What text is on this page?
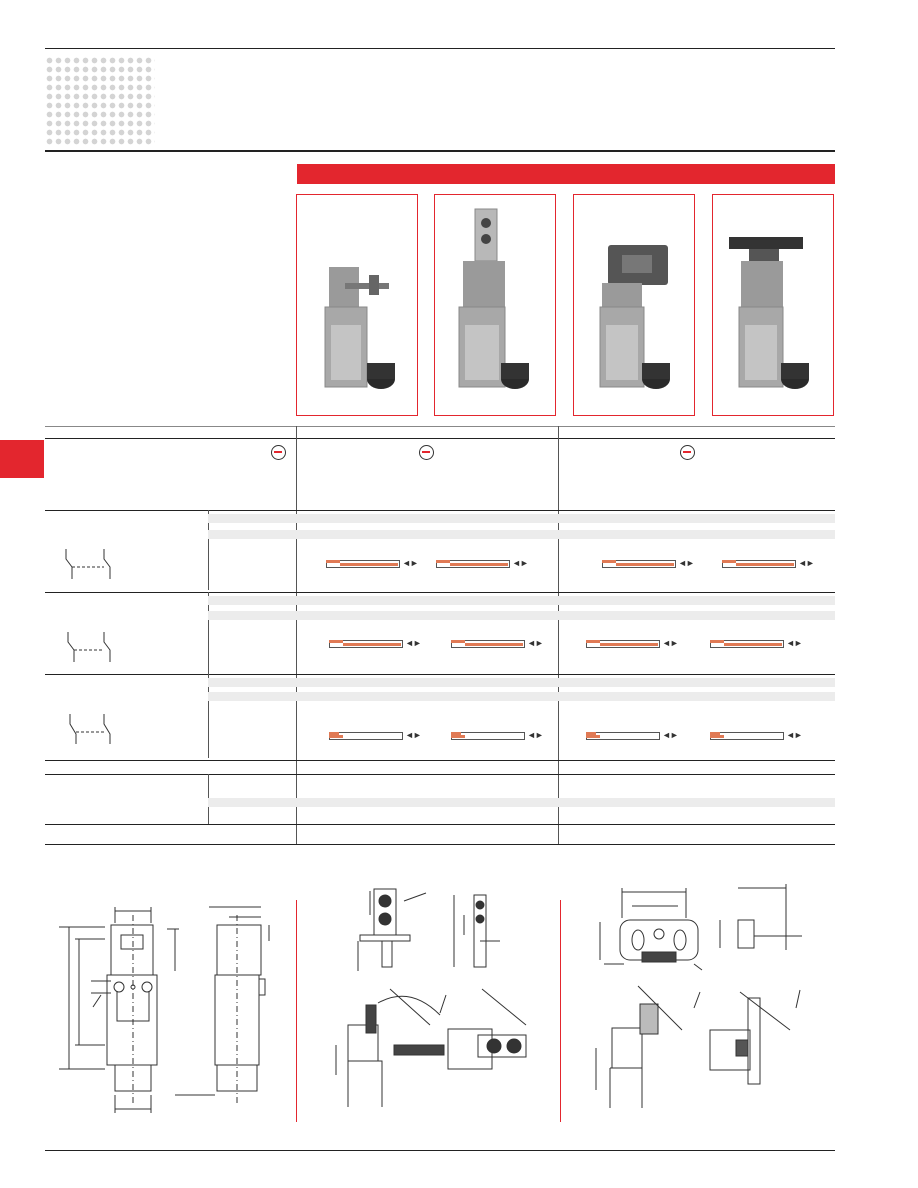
◄►	◄►	◄►	◄►
◄►	◄►	◄►	◄►
◄►	◄►	◄►	◄►
